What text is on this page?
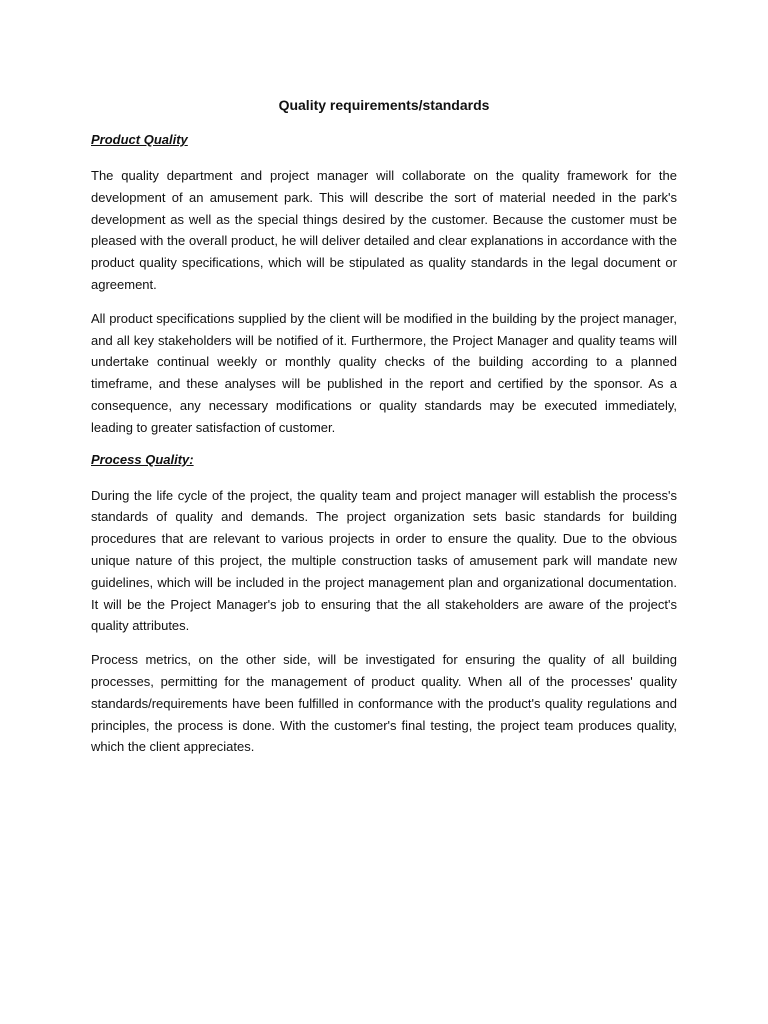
Quality requirements/standards
Product Quality

The quality department and project manager will collaborate on the quality framework for the development of an amusement park. This will describe the sort of material needed in the park's development as well as the special things desired by the customer. Because the customer must be pleased with the overall product, he will deliver detailed and clear explanations in accordance with the product quality specifications, which will be stipulated as quality standards in the legal document or agreement.

All product specifications supplied by the client will be modified in the building by the project manager, and all key stakeholders will be notified of it. Furthermore, the Project Manager and quality teams will undertake continual weekly or monthly quality checks of the building according to a planned timeframe, and these analyses will be published in the report and certified by the sponsor. As a consequence, any necessary modifications or quality standards may be executed immediately, leading to greater satisfaction of customer.

Process Quality:

During the life cycle of the project, the quality team and project manager will establish the process's standards of quality and demands. The project organization sets basic standards for building procedures that are relevant to various projects in order to ensure the quality. Due to the obvious unique nature of this project, the multiple construction tasks of amusement park will mandate new guidelines, which will be included in the project management plan and organizational documentation. It will be the Project Manager's job to ensuring that the all stakeholders are aware of the project's quality attributes.

Process metrics, on the other side, will be investigated for ensuring the quality of all building processes, permitting for the management of product quality. When all of the processes' quality standards/requirements have been fulfilled in conformance with the product's quality regulations and principles, the process is done. With the customer's final testing, the project team produces quality, which the client appreciates.
